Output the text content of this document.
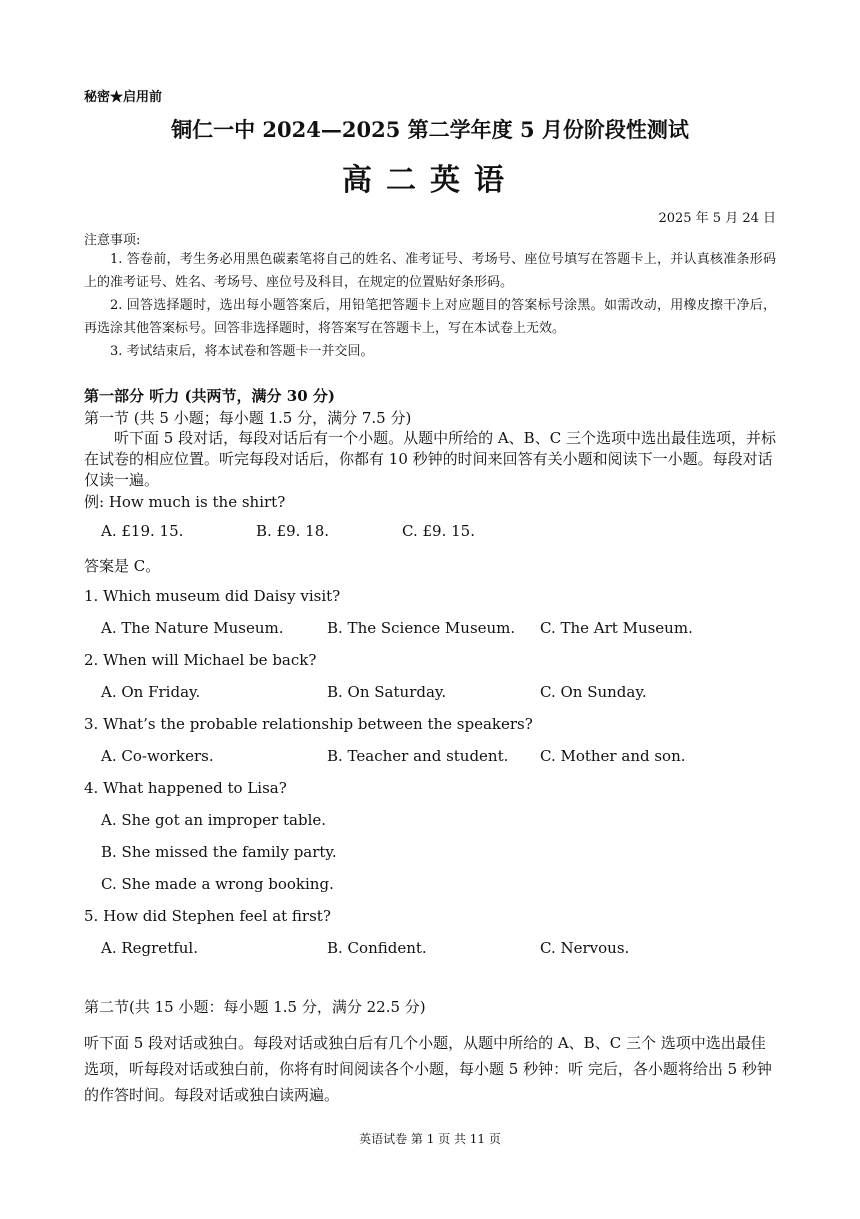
秘密★启用前
铜仁一中 2024—2025 第二学年度 5 月份阶段性测试
高二英语
2025 年 5 月 24 日
注意事项:

1. 答卷前，考生务必用黑色碳素笔将自己的姓名、准考证号、考场号、座位号填写在答题卡上，并认真核准条形码上的准考证号、姓名、考场号、座位号及科目，在规定的位置贴好条形码。

2. 回答选择题时，选出每小题答案后，用铅笔把答题卡上对应题目的答案标号涂黑。如需改动，用橡皮擦干净后，再选涂其他答案标号。回答非选择题时，将答案写在答题卡上，写在本试卷上无效。

3. 考试结束后，将本试卷和答题卡一并交回。

第一部分 听力 (共两节，满分 30 分)
第一节 (共 5 小题；每小题 1.5 分，满分 7.5 分)

听下面 5 段对话，每段对话后有一个小题。从题中所给的 A、B、C 三个选项中选出最佳选项，并标在试卷的相应位置。听完每段对话后，你都有 10 秒钟的时间来回答有关小题和阅读下一小题。每段对话仅读一遍。

例: How much is the shirt?
A. £19. 15.	B. £9. 18.	C. £9. 15.
答案是 C。
1. Which museum did Daisy visit?
A. The Nature Museum.	B. The Science Museum. C. The Art Museum.
2. When will Michael be back?
A. On Friday.	B. On Saturday.	C. On Sunday.
3. What’s the probable relationship between the speakers?
A. Co-workers.	B. Teacher and student. C. Mother and son.
4. What happened to Lisa?
A. She got an improper table.
B. She missed the family party.
C. She made a wrong booking.
5. How did Stephen feel at first?
A. Regretful.	B. Confident.	C. Nervous.
第二节(共 15 小题：每小题 1.5 分，满分 22.5 分)
听下面 5 段对话或独白。每段对话或独白后有几个小题，从题中所给的 A、B、C 三个 选项中选出最佳选项，听每段对话或独白前，你将有时间阅读各个小题，每小题 5 秒钟：听 完后，各小题将给出 5 秒钟的作答时间。每段对话或独白读两遍。
英语试卷 第 1 页 共 11 页
